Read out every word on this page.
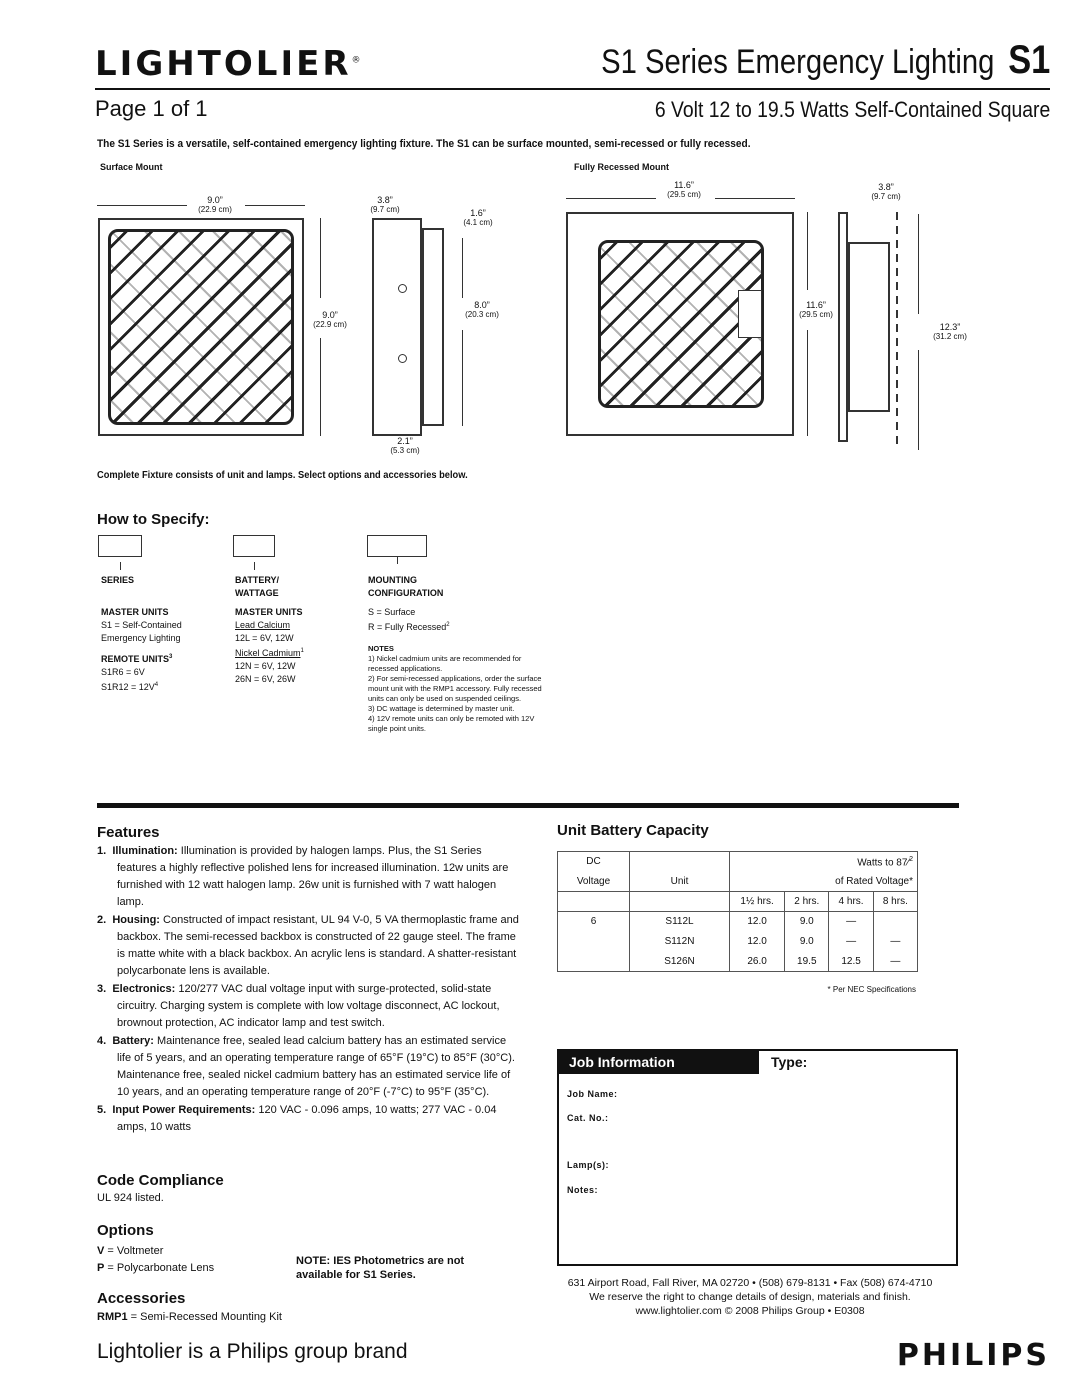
LIGHTOLIER®	S1 Series Emergency Lighting S1
Page 1 of 1	6 Volt 12 to 19.5 Watts Self-Contained Square
The S1 Series is a versatile, self-contained emergency lighting fixture. The S1 can be surface mounted, semi-recessed or fully recessed.
Surface Mount
9.0”
(22.9 cm)
9.0”
(22.9 cm)
3.8”
(9.7 cm)	1.6”
(4.1 cm)
8.0”
(20.3 cm)
2.1”
(5.3 cm)
Fully Recessed Mount
11.6”
(29.5 cm)
11.6”
(29.5 cm)
3.8”
(9.7 cm)
12.3”
(31.2 cm)
Complete Fixture consists of unit and lamps. Select options and accessories below.
How to Specify:
SERIES
MASTER UNITS
S1 = Self-Contained
Emergency Lighting
REMOTE UNITS$^3$
S1R6 = 6V
$S1R12 = 12V^4$
BATTERY/
WATTAGE
MASTER UNITS
Lead Calcium
12L = 6V, 12W
Nickel Cadmium$^1$
12N = 6V, 12W
26N = 6V, 26W
MOUNTING
CONFIGURATION
S = Surface
R = Fully Recessed$^2$
NOTES
1) Nickel cadmium units are recommended for recessed applications.
2) For semi-recessed applications, order the surface mount unit with the RMP1 accessory. Fully recessed units can only be used on suspended ceilings.
3) DC wattage is determined by master unit.
4) 12V remote units can only be remoted with 12V single point units.
Features

1. Illumination: Illumination is provided by halogen lamps. Plus, the S1 Series features a highly reflective polished lens for increased illumination. 12w units are furnished with 12 watt halogen lamp. 26w unit is furnished with 7 watt halogen lamp.

2. Housing: Constructed of impact resistant, UL 94 V-0, 5 VA thermoplastic frame and backbox. The semi-recessed backbox is constructed of 22 gauge steel. The frame is matte white with a black backbox. An acrylic lens is standard. A shatter-resistant polycarbonate lens is available.

3. Electronics: 120/277 VAC dual voltage input with surge-protected, solid-state circuitry. Charging system is complete with low voltage disconnect, AC lockout, brownout protection, AC indicator lamp and test switch.

4. Battery: Maintenance free, sealed lead calcium battery has an estimated service life of 5 years, and an operating temperature range of 65°F (19°C) to 85°F (30°C). Maintenance free, sealed nickel cadmium battery has an estimated service life of 10 years, and an operating temperature range of 20°F (-7°C) to 95°F (35°C).

5. Input Power Requirements: 120 VAC - 0.096 amps, 10 watts; 277 VAC - 0.04 amps, 10 watts

Code Compliance
UL 924 listed.
Options
V = Voltmeter
P = Polycarbonate Lens
NOTE: IES Photometrics are not available for S1 Series.
Accessories
RMP1 = Semi-Recessed Mounting Kit
Unit Battery Capacity
DC		Watts to 87⁄$^2$
Voltage	Unit	of Rated Voltage*			
		1½ hrs.	2 hrs.	4 hrs.	8 hrs.
6	S112L	12.0	9.0	—	
	S112N	12.0	9.0	—	—
	S126N	26.0	19.5	12.5	—
* Per NEC Specifications
Job Information	Type:
Job Name:
Cat. No.:
Lamp(s):
Notes:
631 Airport Road, Fall River, MA 02720 • (508) 679-8131 • Fax (508) 674-4710
We reserve the right to change details of design, materials and finish.
www.lightolier.com © 2008 Philips Group • E0308
Lightolier is a Philips group brand	PHILIPS
